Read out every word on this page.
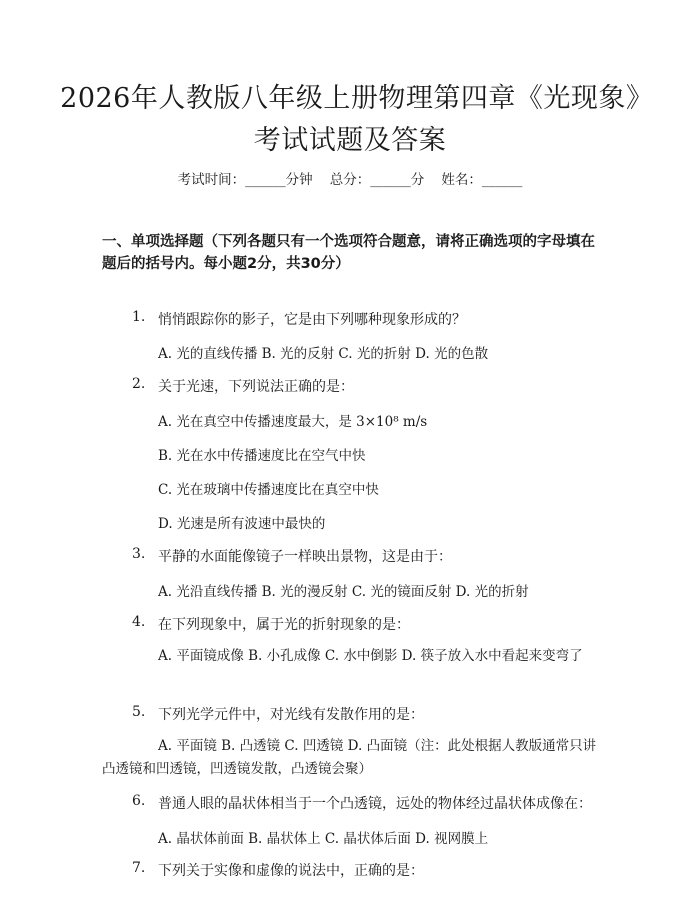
2026年人教版八年级上册物理第四章《光现象》考试试题及答案
考试时间：______分钟    总分：______分    姓名：______
一、单项选择题（下列各题只有一个选项符合题意，请将正确选项的字母填在题后的括号内。每小题2分，共30分）
1. 悄悄跟踪你的影子，它是由下列哪种现象形成的？
A. 光的直线传播 B. 光的反射 C. 光的折射 D. 光的色散
2. 关于光速，下列说法正确的是：
A. 光在真空中传播速度最大，是 3×10⁸ m/s
B. 光在水中传播速度比在空气中快
C. 光在玻璃中传播速度比在真空中快
D. 光速是所有波速中最快的
3. 平静的水面能像镜子一样映出景物，这是由于：
A. 光沿直线传播 B. 光的漫反射 C. 光的镜面反射 D. 光的折射
4. 在下列现象中，属于光的折射现象的是：
A. 平面镜成像 B. 小孔成像 C. 水中倒影 D. 筷子放入水中看起来变弯了
5. 下列光学元件中，对光线有发散作用的是：
A. 平面镜 B. 凸透镜 C. 凹透镜 D. 凸面镜（注：此处根据人教版通常只讲凸透镜和凹透镜，凹透镜发散，凸透镜会聚）
6. 普通人眼的晶状体相当于一个凸透镜，远处的物体经过晶状体成像在：
A. 晶状体前面 B. 晶状体上 C. 晶状体后面 D. 视网膜上
7. 下列关于实像和虚像的说法中，正确的是：
